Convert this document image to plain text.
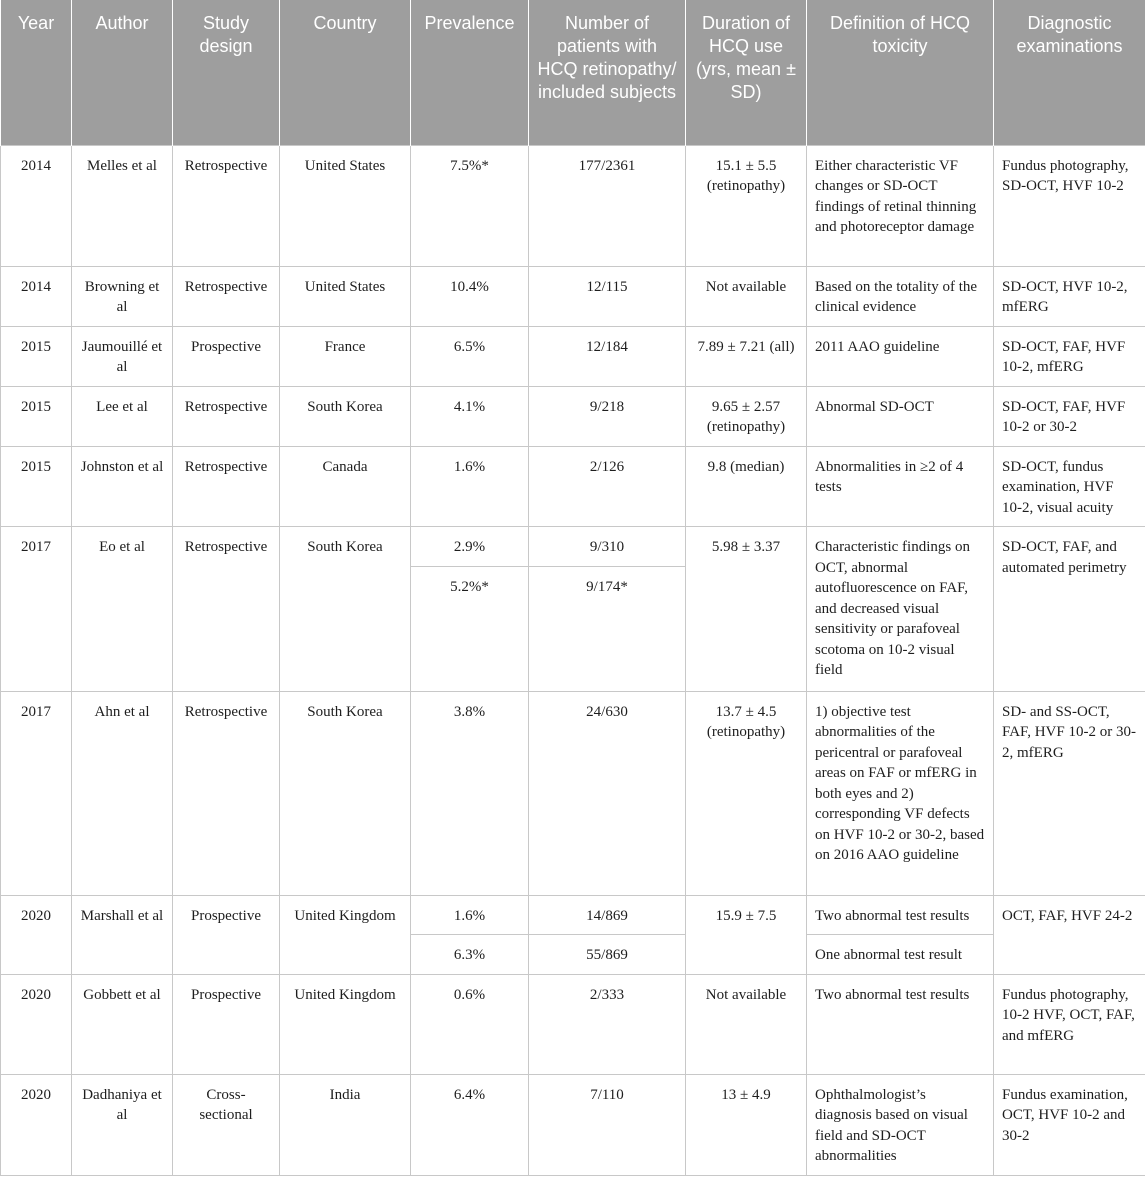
Year	Author	Study design	Country	Prevalence	Number of patients with HCQ retinopathy/ included subjects	Duration of HCQ use (yrs, mean ± SD)	Definition of HCQ toxicity	Diagnostic examinations
2014	Melles et al	Retrospective	United States	7.5%*	177/2361	15.1 ± 5.5 (retinopathy)	Either characteristic VF changes or SD-OCT findings of retinal thinning and photoreceptor damage	Fundus photography, SD-OCT, HVF 10-2
2014	Browning et al	Retrospective	United States	10.4%	12/115	Not available	Based on the totality of the clinical evidence	SD-OCT, HVF 10-2, mfERG
2015	Jaumouillé et al	Prospective	France	6.5%	12/184	7.89 ± 7.21 (all)	2011 AAO guideline	SD-OCT, FAF, HVF 10-2, mfERG
2015	Lee et al	Retrospective	South Korea	4.1%	9/218	9.65 ± 2.57 (retinopathy)	Abnormal SD-OCT	SD-OCT, FAF, HVF 10-2 or 30-2
2015	Johnston et al	Retrospective	Canada	1.6%	2/126	9.8 (median)	Abnormalities in ≥2 of 4 tests	SD-OCT, fundus examination, HVF 10-2, visual acuity
2017	Eo et al	Retrospective	South Korea	2.9%	9/310	5.98 ± 3.37	Characteristic findings on OCT, abnormal autofluorescence on FAF, and decreased visual sensitivity or parafoveal scotoma on 10-2 visual field	SD-OCT, FAF, and automated perimetry
				5.2%*	9/174*			
2017	Ahn et al	Retrospective	South Korea	3.8%	24/630	13.7 ± 4.5 (retinopathy)	1) objective test abnormalities of the pericentral or parafoveal areas on FAF or mfERG in both eyes and 2) corresponding VF defects on HVF 10-2 or 30-2, based on 2016 AAO guideline	SD- and SS-OCT, FAF, HVF 10-2 or 30-2, mfERG
2020	Marshall et al	Prospective	United Kingdom	1.6%	14/869	15.9 ± 7.5	Two abnormal test results	OCT, FAF, HVF 24-2
				6.3%	55/869		One abnormal test result	
2020	Gobbett et al	Prospective	United Kingdom	0.6%	2/333	Not available	Two abnormal test results	Fundus photography, 10-2 HVF, OCT, FAF, and mfERG
2020	Dadhaniya et al	Cross-sectional	India	6.4%	7/110	13 ± 4.9	Ophthalmologist’s diagnosis based on visual field and SD-OCT abnormalities	Fundus examination, OCT, HVF 10-2 and 30-2
